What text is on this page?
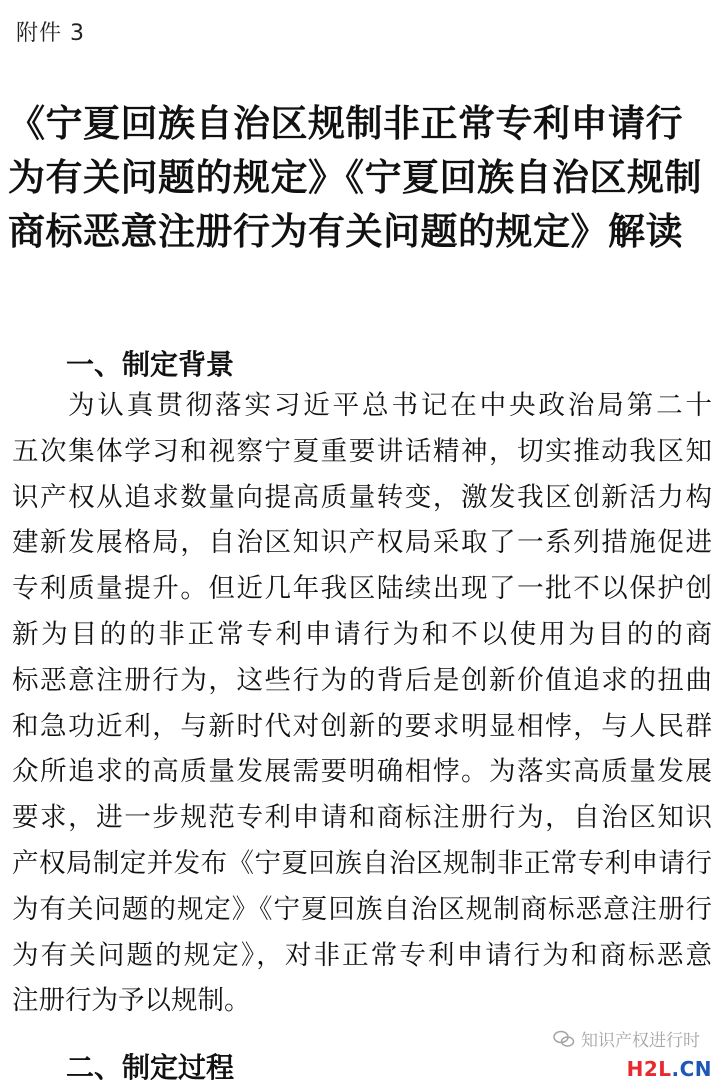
附件 3
《宁夏回族自治区规制非正常专利申请行
为有关问题的规定》《宁夏回族自治区规制
商标恶意注册行为有关问题的规定》解读
一、制定背景
为认真贯彻落实习近平总书记在中央政治局第二十
五次集体学习和视察宁夏重要讲话精神，切实推动我区知
识产权从追求数量向提高质量转变，激发我区创新活力构
建新发展格局，自治区知识产权局采取了一系列措施促进
专利质量提升。但近几年我区陆续出现了一批不以保护创
新为目的的非正常专利申请行为和不以使用为目的的商
标恶意注册行为，这些行为的背后是创新价值追求的扭曲
和急功近利，与新时代对创新的要求明显相悖，与人民群
众所追求的高质量发展需要明确相悖。为落实高质量发展
要求，进一步规范专利申请和商标注册行为，自治区知识
产权局制定并发布《宁夏回族自治区规制非正常专利申请行
为有关问题的规定》《宁夏回族自治区规制商标恶意注册行
为有关问题的规定》，对非正常专利申请行为和商标恶意
注册行为予以规制。
二、制定过程
知识产权进行时
H2L.CN
